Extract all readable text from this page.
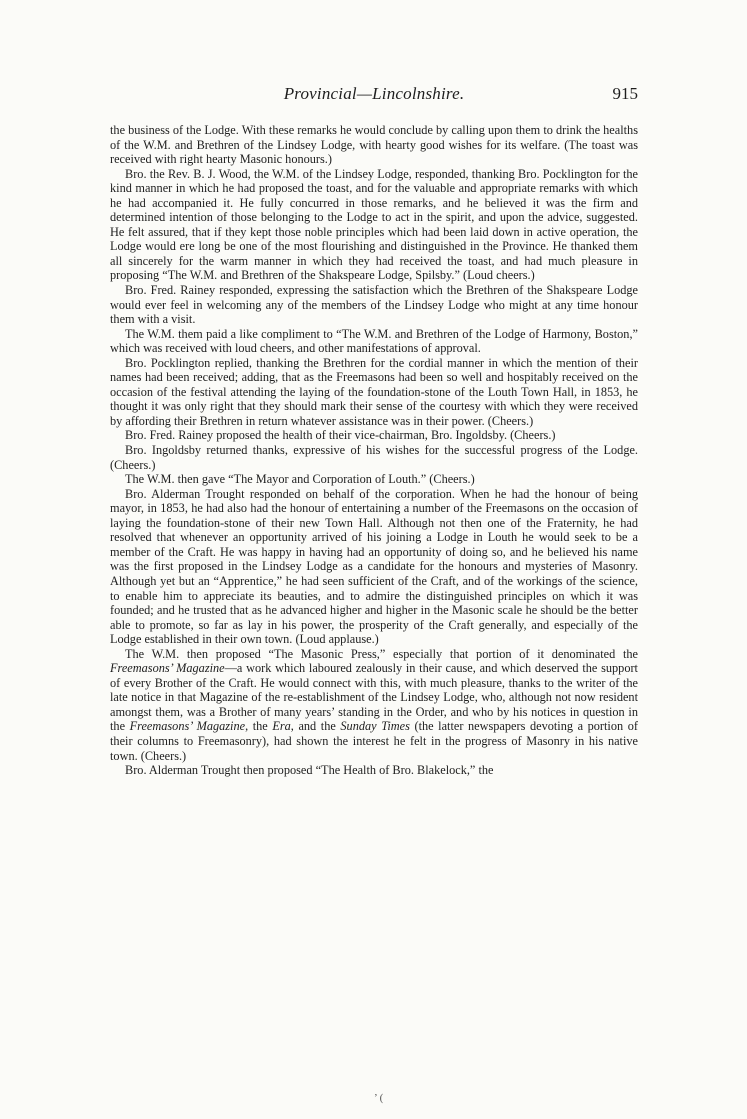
Provincial—Lincolnshire.	915

the business of the Lodge. With these remarks he would conclude by calling upon them to drink the healths of the W.M. and Brethren of the Lindsey Lodge, with hearty good wishes for its welfare. (The toast was received with right hearty Masonic honours.)

Bro. the Rev. B. J. Wood, the W.M. of the Lindsey Lodge, responded, thanking Bro. Pocklington for the kind manner in which he had proposed the toast, and for the valuable and appropriate remarks with which he had accompanied it. He fully concurred in those remarks, and he believed it was the firm and determined intention of those belonging to the Lodge to act in the spirit, and upon the advice, suggested. He felt assured, that if they kept those noble principles which had been laid down in active operation, the Lodge would ere long be one of the most flourishing and distinguished in the Province. He thanked them all sincerely for the warm manner in which they had received the toast, and had much pleasure in proposing “The W.M. and Brethren of the Shakspeare Lodge, Spilsby.” (Loud cheers.)

Bro. Fred. Rainey responded, expressing the satisfaction which the Brethren of the Shakspeare Lodge would ever feel in welcoming any of the members of the Lindsey Lodge who might at any time honour them with a visit.

The W.M. them paid a like compliment to “The W.M. and Brethren of the Lodge of Harmony, Boston,” which was received with loud cheers, and other manifestations of approval.

Bro. Pocklington replied, thanking the Brethren for the cordial manner in which the mention of their names had been received; adding, that as the Freemasons had been so well and hospitably received on the occasion of the festival attending the laying of the foundation-stone of the Louth Town Hall, in 1853, he thought it was only right that they should mark their sense of the courtesy with which they were received by affording their Brethren in return whatever assistance was in their power. (Cheers.)

Bro. Fred. Rainey proposed the health of their vice-chairman, Bro. Ingoldsby. (Cheers.)

Bro. Ingoldsby returned thanks, expressive of his wishes for the successful progress of the Lodge. (Cheers.)

The W.M. then gave “The Mayor and Corporation of Louth.” (Cheers.)

Bro. Alderman Trought responded on behalf of the corporation. When he had the honour of being mayor, in 1853, he had also had the honour of entertaining a number of the Freemasons on the occasion of laying the foundation-stone of their new Town Hall. Although not then one of the Fraternity, he had resolved that whenever an opportunity arrived of his joining a Lodge in Louth he would seek to be a member of the Craft. He was happy in having had an opportunity of doing so, and he believed his name was the first proposed in the Lindsey Lodge as a candidate for the honours and mysteries of Masonry. Although yet but an “Apprentice,” he had seen sufficient of the Craft, and of the workings of the science, to enable him to appreciate its beauties, and to admire the distinguished principles on which it was founded; and he trusted that as he advanced higher and higher in the Masonic scale he should be the better able to promote, so far as lay in his power, the prosperity of the Craft generally, and especially of the Lodge established in their own town. (Loud applause.)

The W.M. then proposed “The Masonic Press,” especially that portion of it denominated the Freemasons’ Magazine—a work which laboured zealously in their cause, and which deserved the support of every Brother of the Craft. He would connect with this, with much pleasure, thanks to the writer of the late notice in that Magazine of the re-establishment of the Lindsey Lodge, who, although not now resident amongst them, was a Brother of many years’ standing in the Order, and who by his notices in question in the Freemasons’ Magazine, the Era, and the Sunday Times (the latter newspapers devoting a portion of their columns to Freemasonry), had shown the interest he felt in the progress of Masonry in his native town. (Cheers.)

Bro. Alderman Trought then proposed “The Health of Bro. Blakelock,” the

’ (
